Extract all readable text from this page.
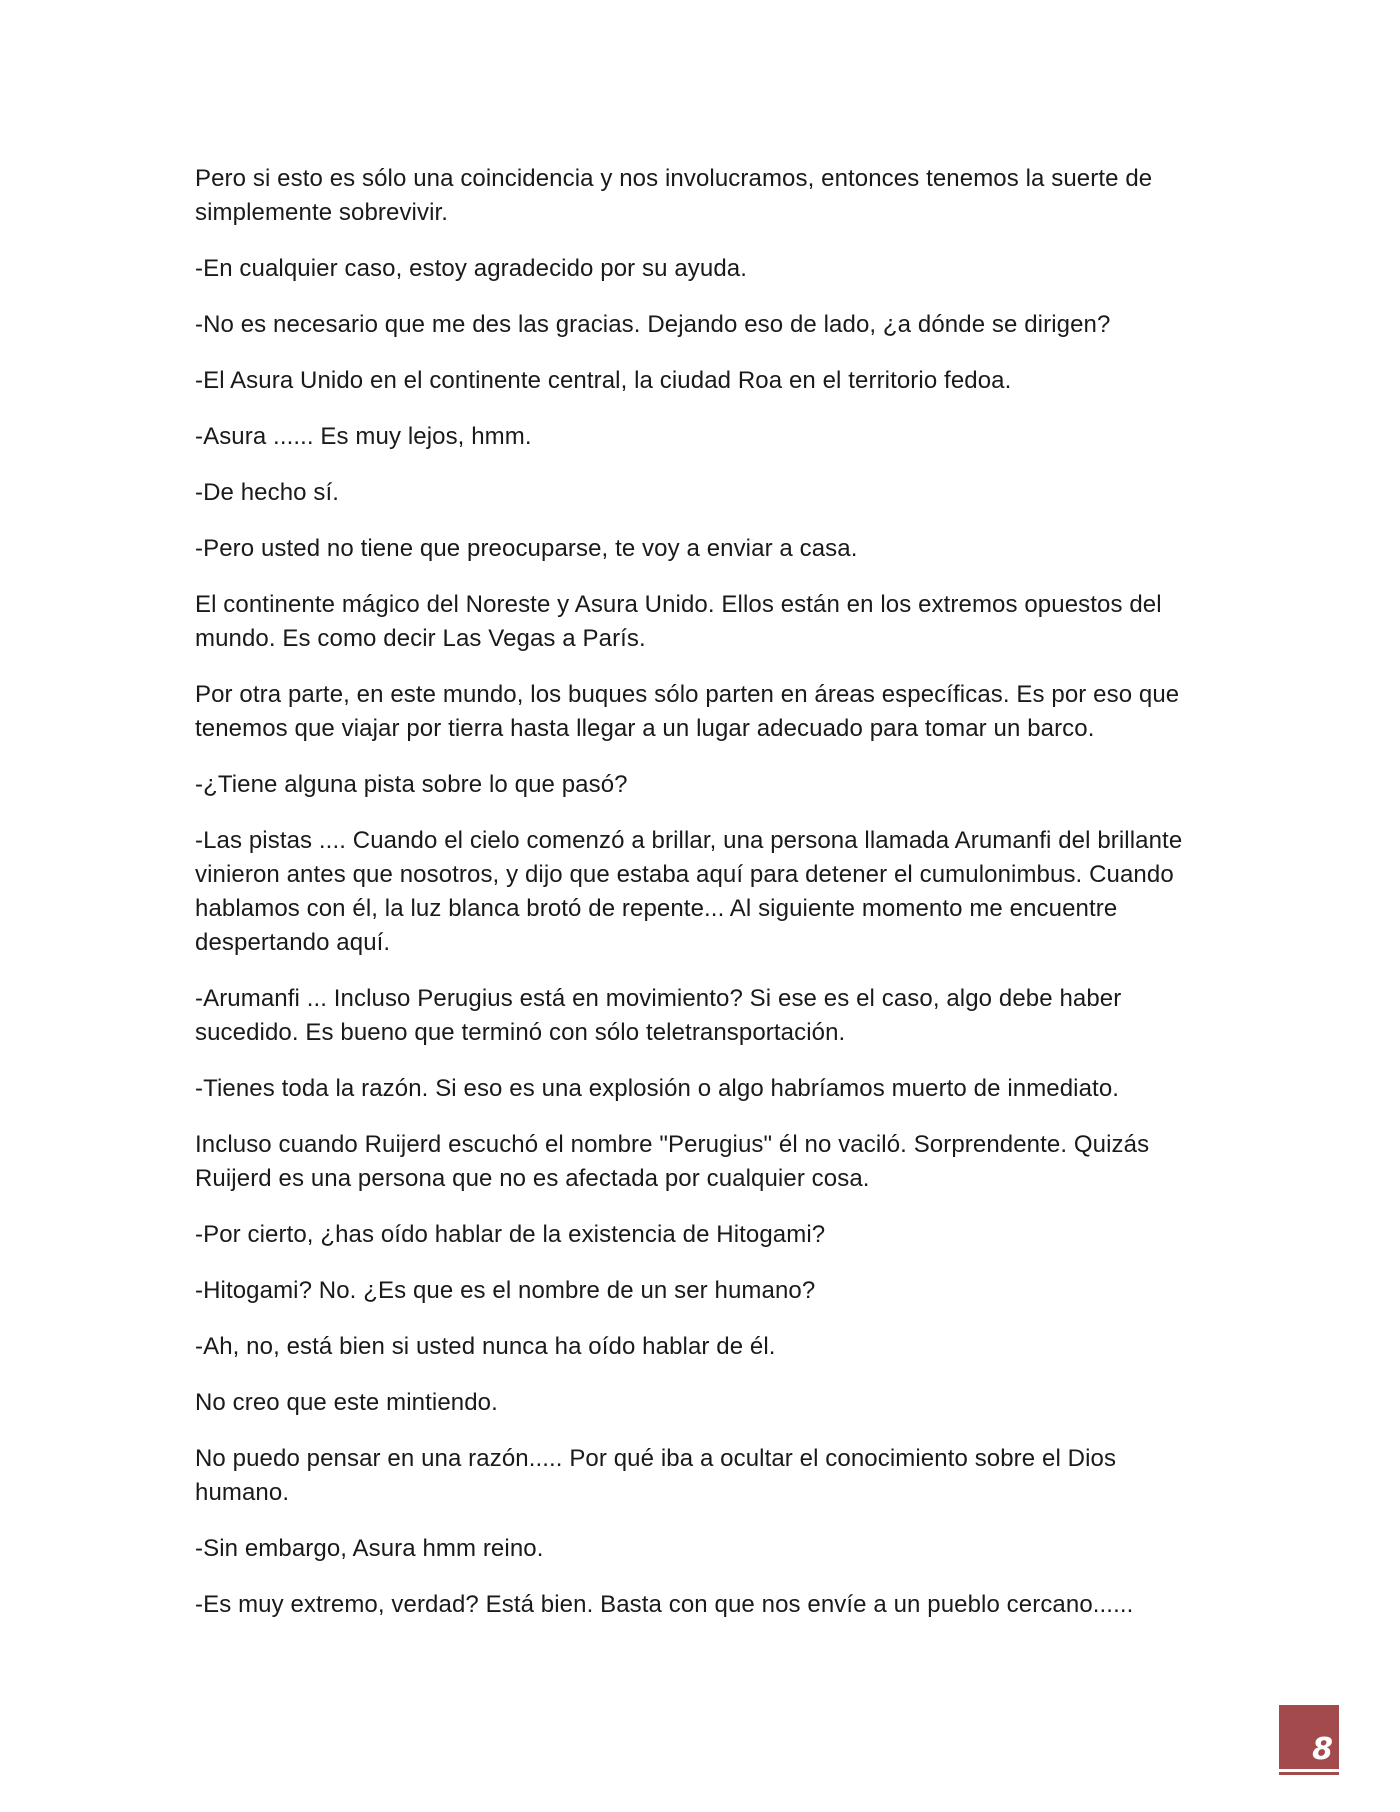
Pero si esto es sólo una coincidencia y nos involucramos, entonces tenemos la suerte de simplemente sobrevivir.

-En cualquier caso, estoy agradecido por su ayuda.

-No es necesario que me des las gracias. Dejando eso de lado, ¿a dónde se dirigen?

-El Asura Unido en el continente central, la ciudad Roa en el territorio fedoa.

-Asura ...... Es muy lejos, hmm.

-De hecho sí.

-Pero usted no tiene que preocuparse, te voy a enviar a casa.

El continente mágico del Noreste y Asura Unido. Ellos están en los extremos opuestos del mundo. Es como decir Las Vegas a París.

Por otra parte, en este mundo, los buques sólo parten en áreas específicas. Es por eso que tenemos que viajar por tierra hasta llegar a un lugar adecuado para tomar un barco.

-¿Tiene alguna pista sobre lo que pasó?

-Las pistas .... Cuando el cielo comenzó a brillar, una persona llamada Arumanfi del brillante vinieron antes que nosotros, y dijo que estaba aquí para detener el cumulonimbus. Cuando hablamos con él, la luz blanca brotó de repente... Al siguiente momento me encuentre despertando aquí.

-Arumanfi ... Incluso Perugius está en movimiento? Si ese es el caso, algo debe haber sucedido. Es bueno que terminó con sólo teletransportación.

-Tienes toda la razón. Si eso es una explosión o algo habríamos muerto de inmediato.

Incluso cuando Ruijerd escuchó el nombre "Perugius" él no vaciló. Sorprendente. Quizás Ruijerd es una persona que no es afectada por cualquier cosa.

-Por cierto, ¿has oído hablar de la existencia de Hitogami?

-Hitogami? No. ¿Es que es el nombre de un ser humano?

-Ah, no, está bien si usted nunca ha oído hablar de él.

No creo que este mintiendo.

No puedo pensar en una razón..... Por qué iba a ocultar el conocimiento sobre el Dios humano.

-Sin embargo, Asura hmm reino.

-Es muy extremo, verdad? Está bien. Basta con que nos envíe a un pueblo cercano......

8
